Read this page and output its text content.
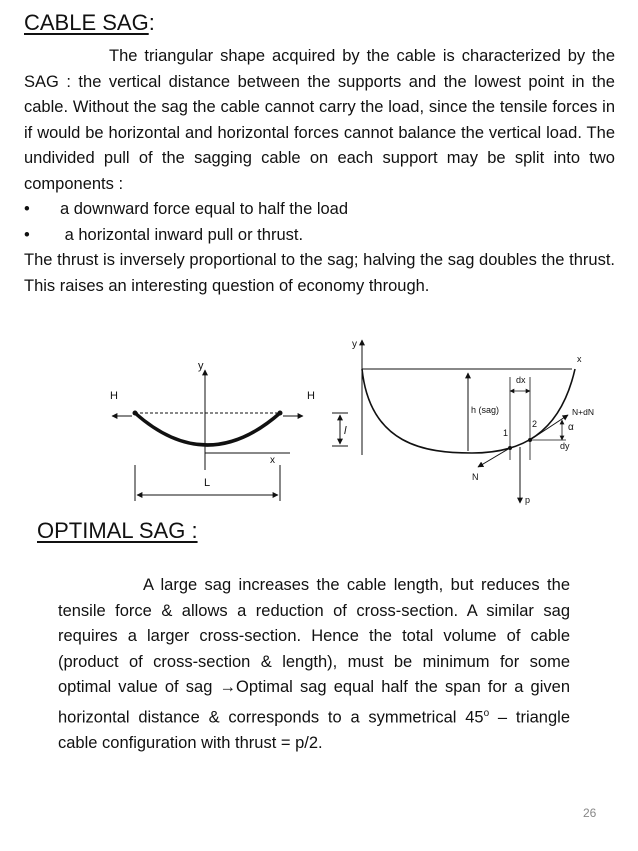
CABLE SAG:
The triangular shape acquired by the cable is characterized by the SAG : the vertical distance between the supports and the lowest point in the cable. Without the sag the cable cannot carry the load, since the tensile forces in if would be horizontal and horizontal forces cannot balance the vertical load. The undivided pull of the sagging cable on each support may be split into two components :
•	a downward force equal to half the load
•	a horizontal inward pull or thrust.
The thrust is inversely proportional to the sag; halving the sag doubles the thrust. This raises an interesting question of economy through.
y
x
H	H
L
l
y
x
h (sag)
dx
1
2
N+dN
α
dy
N
p
OPTIMAL SAG :
A large sag increases the cable length, but reduces the tensile force & allows a reduction of cross-section. A similar sag requires a larger cross-section. Hence the total volume of cable (product of cross-section & length), must be minimum for some optimal value of sag →Optimal sag equal half the span for a given horizontal distance & corresponds to a symmetrical 45$^o$ – triangle cable configuration with thrust = p/2.
26
